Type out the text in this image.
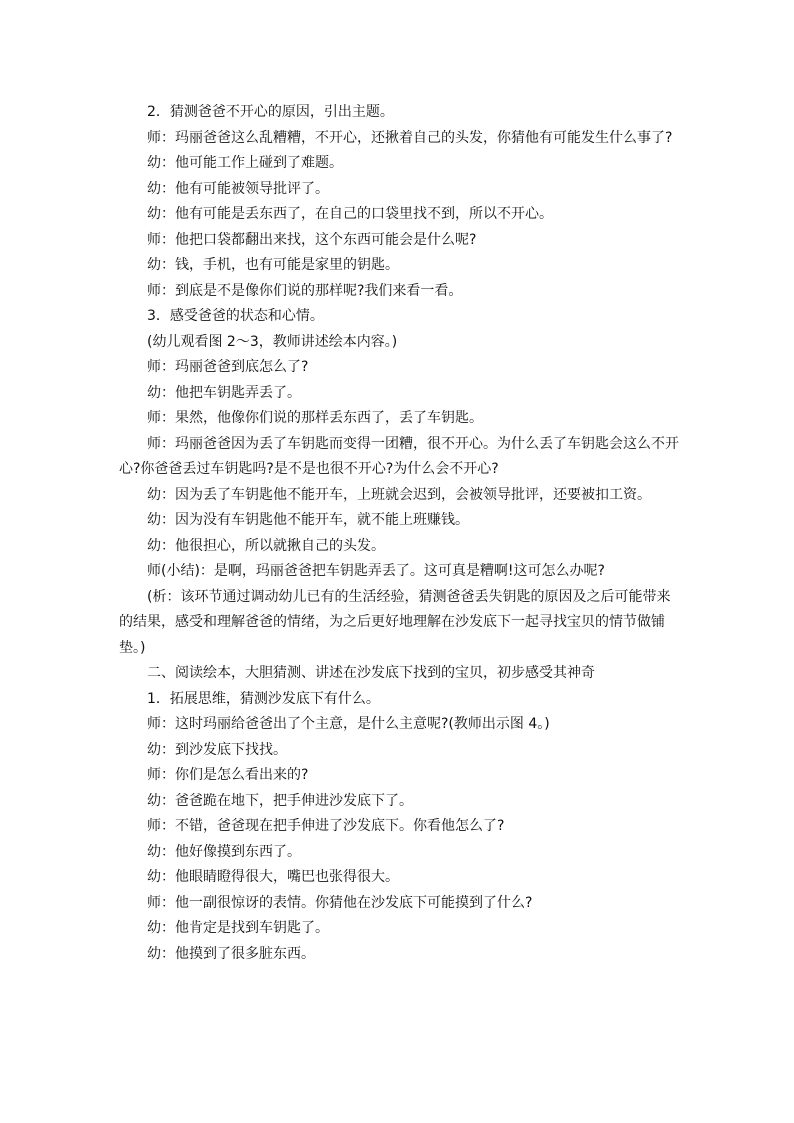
2．猜测爸爸不开心的原因，引出主题。

师：玛丽爸爸这么乱糟糟，不开心，还揪着自己的头发，你猜他有可能发生什么事了?

幼：他可能工作上碰到了难题。

幼：他有可能被领导批评了。

幼：他有可能是丢东西了，在自己的口袋里找不到，所以不开心。

师：他把口袋都翻出来找，这个东西可能会是什么呢?

幼：钱，手机，也有可能是家里的钥匙。

师：到底是不是像你们说的那样呢?我们来看一看。

3．感受爸爸的状态和心情。

(幼儿观看图 2～3，教师讲述绘本内容。)

师：玛丽爸爸到底怎么了?

幼：他把车钥匙弄丢了。

师：果然，他像你们说的那样丢东西了，丢了车钥匙。

师：玛丽爸爸因为丢了车钥匙而变得一团糟，很不开心。为什么丢了车钥匙会这么不开心?你爸爸丢过车钥匙吗?是不是也很不开心?为什么会不开心?

幼：因为丢了车钥匙他不能开车，上班就会迟到，会被领导批评，还要被扣工资。

幼：因为没有车钥匙他不能开车，就不能上班赚钱。

幼：他很担心，所以就揪自己的头发。

师(小结)：是啊，玛丽爸爸把车钥匙弄丢了。这可真是糟啊!这可怎么办呢?

(析：该环节通过调动幼儿已有的生活经验，猜测爸爸丢失钥匙的原因及之后可能带来的结果，感受和理解爸爸的情绪，为之后更好地理解在沙发底下一起寻找宝贝的情节做铺垫。)

二、阅读绘本，大胆猜测、讲述在沙发底下找到的宝贝，初步感受其神奇

1．拓展思维，猜测沙发底下有什么。

师：这时玛丽给爸爸出了个主意，是什么主意呢?(教师出示图 4。)

幼：到沙发底下找找。

师：你们是怎么看出来的?

幼：爸爸跪在地下，把手伸进沙发底下了。

师：不错，爸爸现在把手伸进了沙发底下。你看他怎么了?

幼：他好像摸到东西了。

幼：他眼睛瞪得很大，嘴巴也张得很大。

师：他一副很惊讶的表情。你猜他在沙发底下可能摸到了什么?

幼：他肯定是找到车钥匙了。

幼：他摸到了很多脏东西。
